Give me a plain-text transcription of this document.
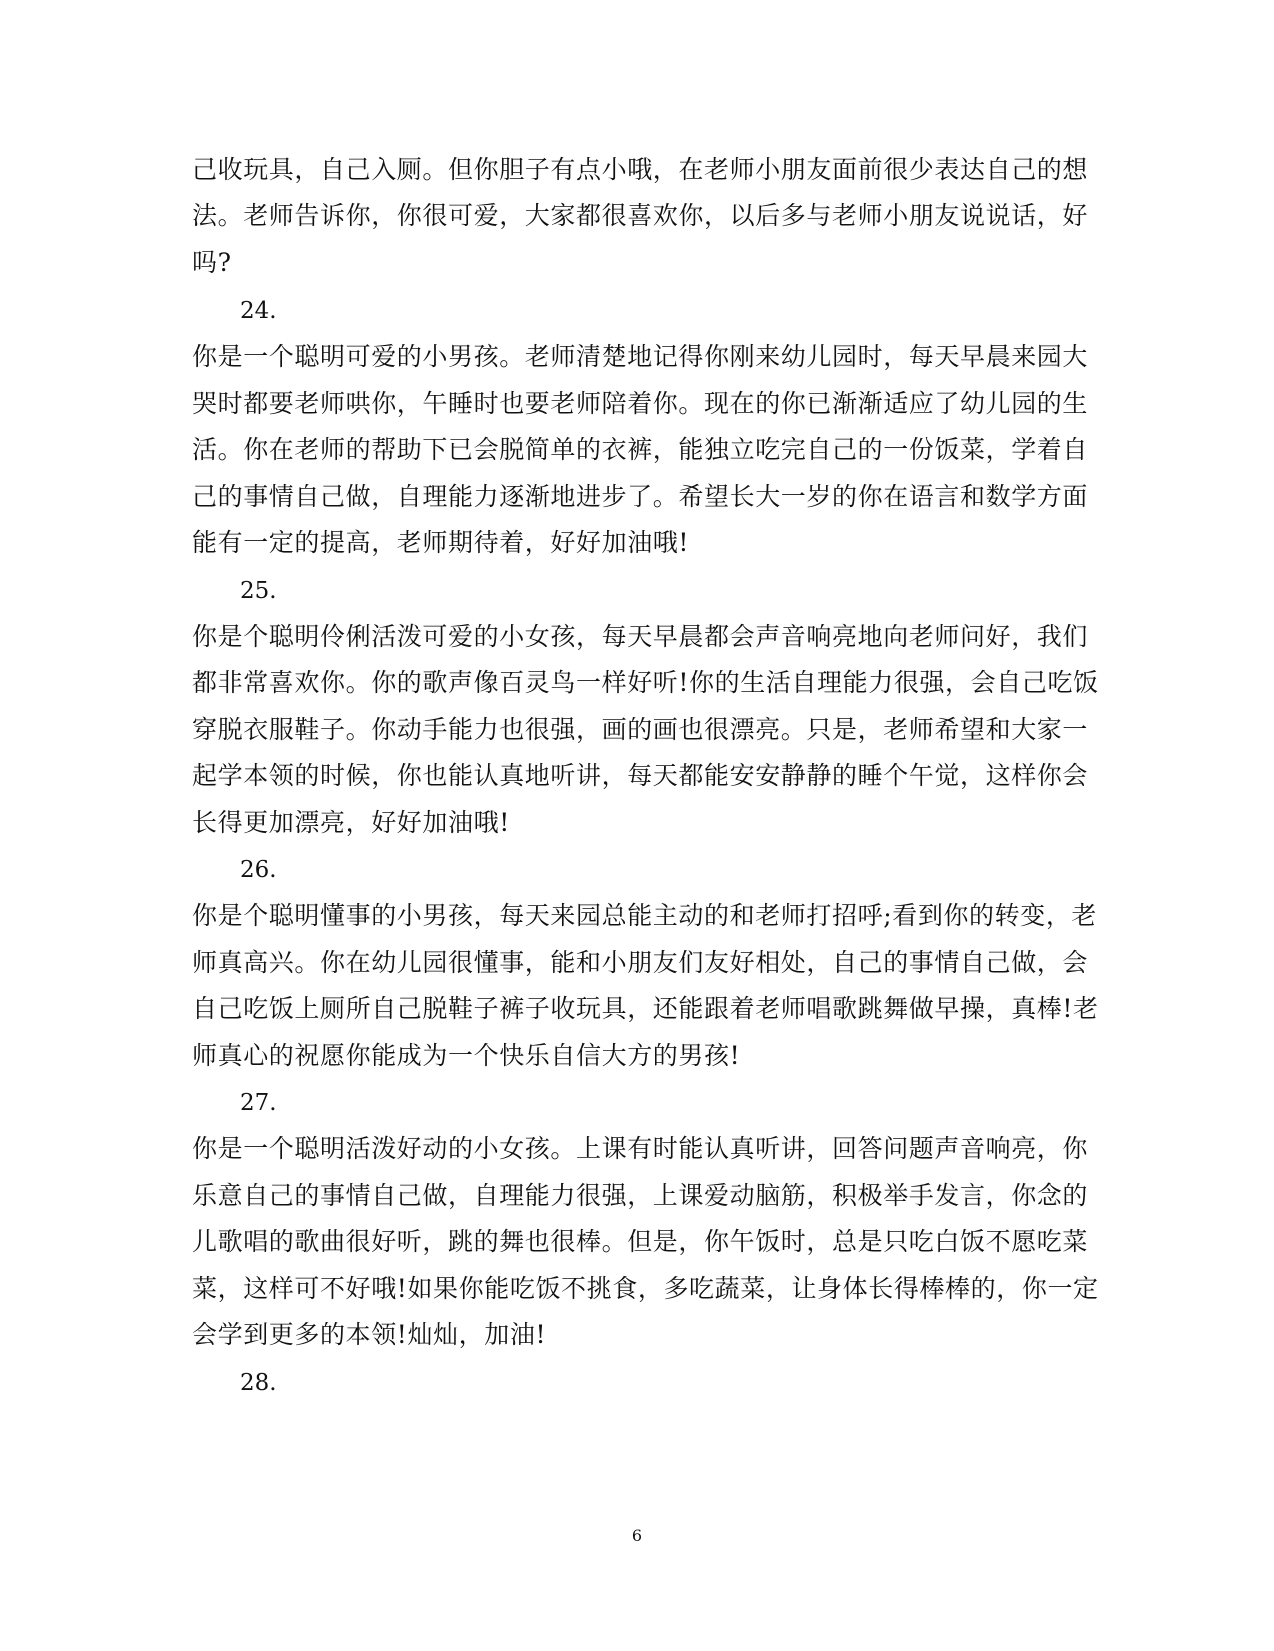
己收玩具，自己入厕。但你胆子有点小哦，在老师小朋友面前很少表达自己的想
法。老师告诉你，你很可爱，大家都很喜欢你，以后多与老师小朋友说说话，好
吗?
24.
你是一个聪明可爱的小男孩。老师清楚地记得你刚来幼儿园时，每天早晨来园大
哭时都要老师哄你，午睡时也要老师陪着你。现在的你已渐渐适应了幼儿园的生
活。你在老师的帮助下已会脱简单的衣裤，能独立吃完自己的一份饭菜，学着自
己的事情自己做，自理能力逐渐地进步了。希望长大一岁的你在语言和数学方面
能有一定的提高，老师期待着，好好加油哦!
25.
你是个聪明伶俐活泼可爱的小女孩，每天早晨都会声音响亮地向老师问好，我们
都非常喜欢你。你的歌声像百灵鸟一样好听!你的生活自理能力很强，会自己吃饭
穿脱衣服鞋子。你动手能力也很强，画的画也很漂亮。只是，老师希望和大家一
起学本领的时候，你也能认真地听讲，每天都能安安静静的睡个午觉，这样你会
长得更加漂亮，好好加油哦!
26.
你是个聪明懂事的小男孩，每天来园总能主动的和老师打招呼;看到你的转变，老
师真高兴。你在幼儿园很懂事，能和小朋友们友好相处，自己的事情自己做，会
自己吃饭上厕所自己脱鞋子裤子收玩具，还能跟着老师唱歌跳舞做早操，真棒!老
师真心的祝愿你能成为一个快乐自信大方的男孩!
27.
你是一个聪明活泼好动的小女孩。上课有时能认真听讲，回答问题声音响亮，你
乐意自己的事情自己做，自理能力很强，上课爱动脑筋，积极举手发言，你念的
儿歌唱的歌曲很好听，跳的舞也很棒。但是，你午饭时，总是只吃白饭不愿吃菜
菜，这样可不好哦!如果你能吃饭不挑食，多吃蔬菜，让身体长得棒棒的，你一定
会学到更多的本领!灿灿，加油!
28.
6
